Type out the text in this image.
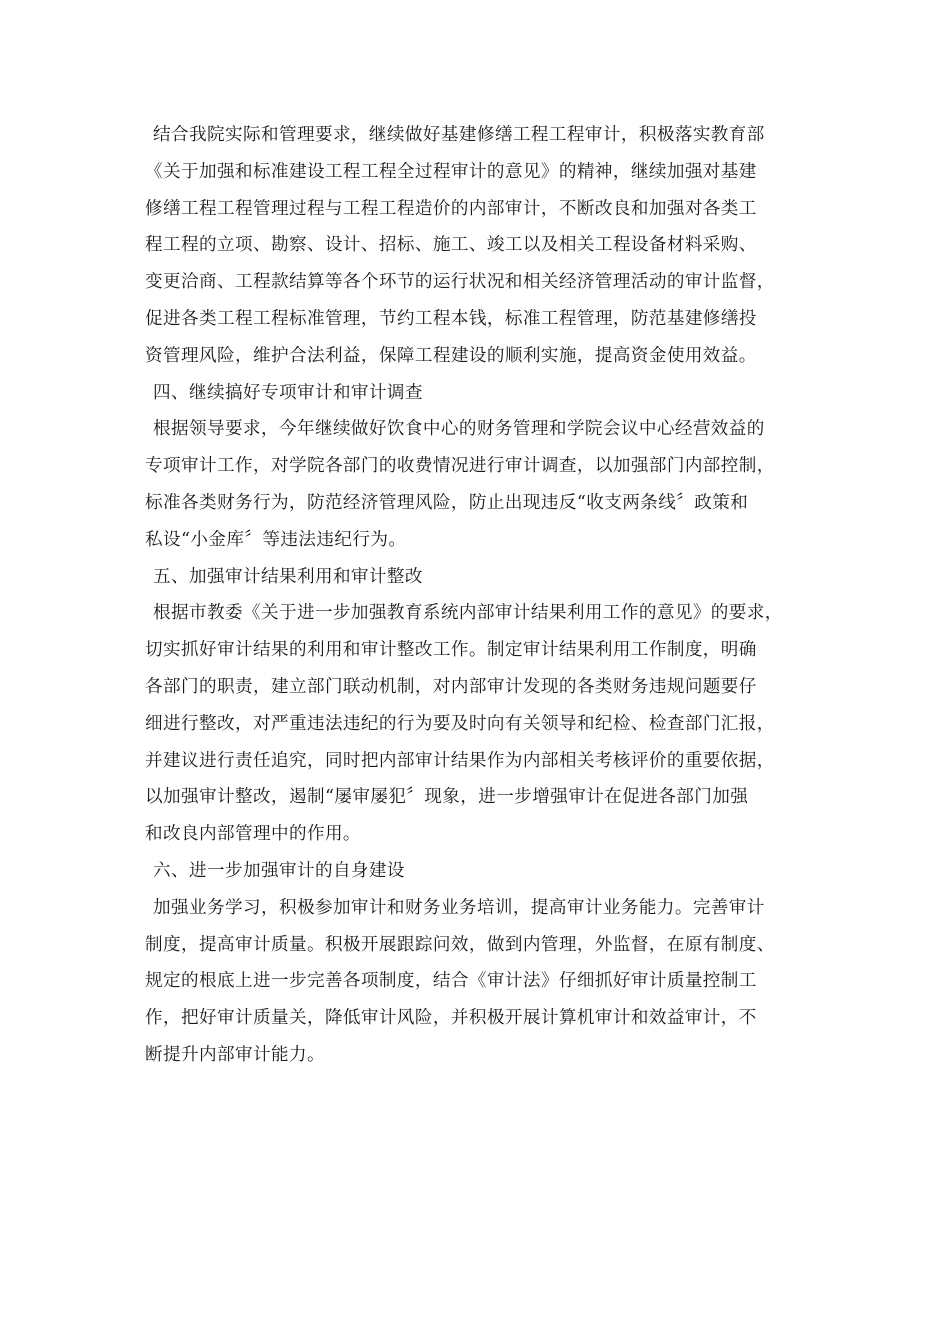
结合我院实际和管理要求，继续做好基建修缮工程工程审计，积极落实教育部
《关于加强和标准建设工程工程全过程审计的意见》的精神，继续加强对基建
修缮工程工程管理过程与工程工程造价的内部审计，不断改良和加强对各类工
程工程的立项、勘察、设计、招标、施工、竣工以及相关工程设备材料采购、
变更洽商、工程款结算等各个环节的运行状况和相关经济管理活动的审计监督，
促进各类工程工程标准管理，节约工程本钱，标准工程管理，防范基建修缮投
资管理风险，维护合法利益，保障工程建设的顺利实施，提高资金使用效益。
四、继续搞好专项审计和审计调查
根据领导要求，今年继续做好饮食中心的财务管理和学院会议中心经营效益的
专项审计工作，对学院各部门的收费情况进行审计调查，以加强部门内部控制，
标准各类财务行为，防范经济管理风险，防止出现违反“收支两条线〞政策和
私设“小金库〞等违法违纪行为。
五、加强审计结果利用和审计整改
根据市教委《关于进一步加强教育系统内部审计结果利用工作的意见》的要求，
切实抓好审计结果的利用和审计整改工作。制定审计结果利用工作制度，明确
各部门的职责，建立部门联动机制，对内部审计发现的各类财务违规问题要仔
细进行整改，对严重违法违纪的行为要及时向有关领导和纪检、检查部门汇报，
并建议进行责任追究，同时把内部审计结果作为内部相关考核评价的重要依据，
以加强审计整改，遏制“屡审屡犯〞现象，进一步增强审计在促进各部门加强
和改良内部管理中的作用。
六、进一步加强审计的自身建设
加强业务学习，积极参加审计和财务业务培训，提高审计业务能力。完善审计
制度，提高审计质量。积极开展跟踪问效，做到内管理，外监督，在原有制度、
规定的根底上进一步完善各项制度，结合《审计法》仔细抓好审计质量控制工
作，把好审计质量关，降低审计风险，并积极开展计算机审计和效益审计，不
断提升内部审计能力。
